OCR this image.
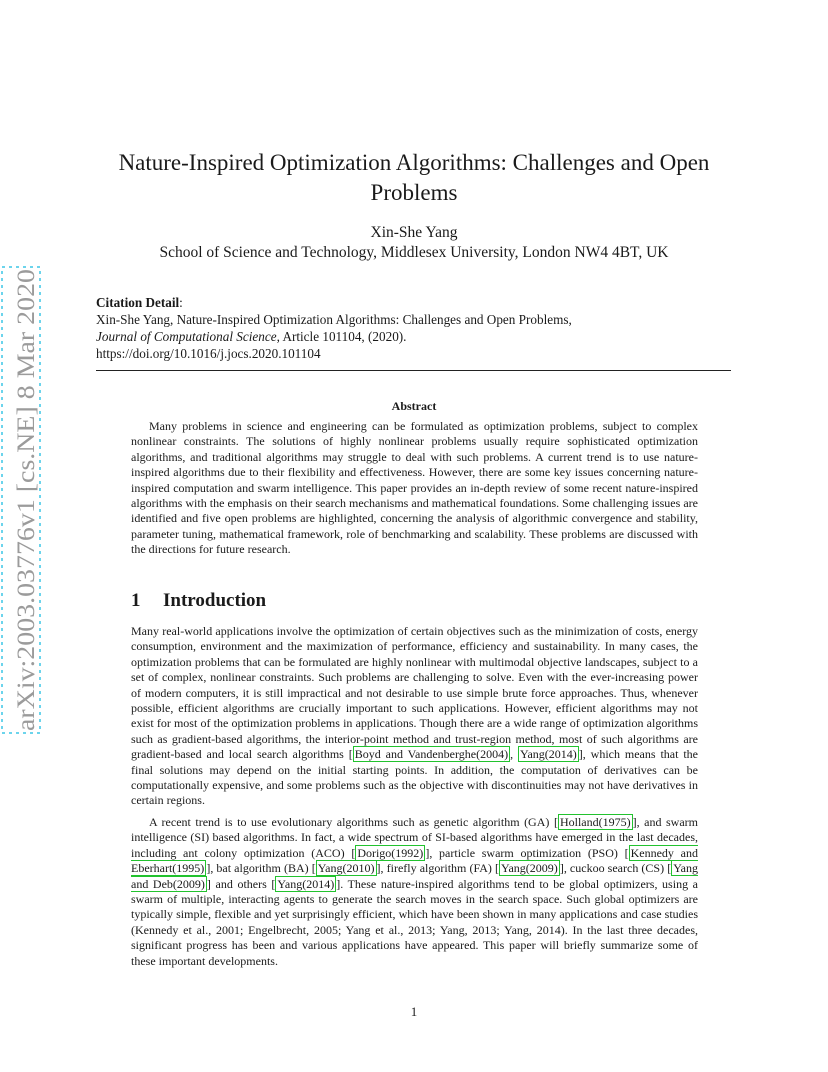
arXiv:2003.03776v1 [cs.NE] 8 Mar 2020
Nature-Inspired Optimization Algorithms: Challenges and Open Problems
Xin-She Yang
School of Science and Technology, Middlesex University, London NW4 4BT, UK
Citation Detail:
Xin-She Yang, Nature-Inspired Optimization Algorithms: Challenges and Open Problems,
Journal of Computational Science, Article 101104, (2020).
https://doi.org/10.1016/j.jocs.2020.101104
Abstract
Many problems in science and engineering can be formulated as optimization problems, subject to complex nonlinear constraints. The solutions of highly nonlinear problems usually require sophisticated optimization algorithms, and traditional algorithms may struggle to deal with such problems. A current trend is to use nature-inspired algorithms due to their flexibility and effectiveness. However, there are some key issues concerning nature-inspired computation and swarm intelligence. This paper provides an in-depth review of some recent nature-inspired algorithms with the emphasis on their search mechanisms and mathematical foundations. Some challenging issues are identified and five open problems are highlighted, concerning the analysis of algorithmic convergence and stability, parameter tuning, mathematical framework, role of benchmarking and scalability. These problems are discussed with the directions for future research.
1 Introduction
Many real-world applications involve the optimization of certain objectives such as the minimization of costs, energy consumption, environment and the maximization of performance, efficiency and sustainability. In many cases, the optimization problems that can be formulated are highly nonlinear with multimodal objective landscapes, subject to a set of complex, nonlinear constraints. Such problems are challenging to solve. Even with the ever-increasing power of modern computers, it is still impractical and not desirable to use simple brute force approaches. Thus, whenever possible, efficient algorithms are crucially important to such applications. However, efficient algorithms may not exist for most of the optimization problems in applications. Though there are a wide range of optimization algorithms such as gradient-based algorithms, the interior-point method and trust-region method, most of such algorithms are gradient-based and local search algorithms [ Boyd and Vandenberghe(2004) , Yang(2014) ], which means that the final solutions may depend on the initial starting points. In addition, the computation of derivatives can be computationally expensive, and some problems such as the objective with discontinuities may not have derivatives in certain regions.
A recent trend is to use evolutionary algorithms such as genetic algorithm (GA) [ Holland(1975) ], and swarm intelligence (SI) based algorithms. In fact, a wide spectrum of SI-based algorithms have emerged in the last decades, including ant colony optimization (ACO) [ Dorigo(1992) ], particle swarm optimization (PSO) [ Kennedy and Eberhart(1995) ], bat algorithm (BA) [ Yang(2010) ], firefly algorithm (FA) [ Yang(2009) ], cuckoo search (CS) [ Yang and Deb(2009) ] and others [ Yang(2014) ]. These nature-inspired algorithms tend to be global optimizers, using a swarm of multiple, interacting agents to generate the search moves in the search space. Such global optimizers are typically simple, flexible and yet surprisingly efficient, which have been shown in many applications and case studies (Kennedy et al., 2001; Engelbrecht, 2005; Yang et al., 2013; Yang, 2013; Yang, 2014). In the last three decades, significant progress has been and various applications have appeared. This paper will briefly summarize some of these important developments.
1
